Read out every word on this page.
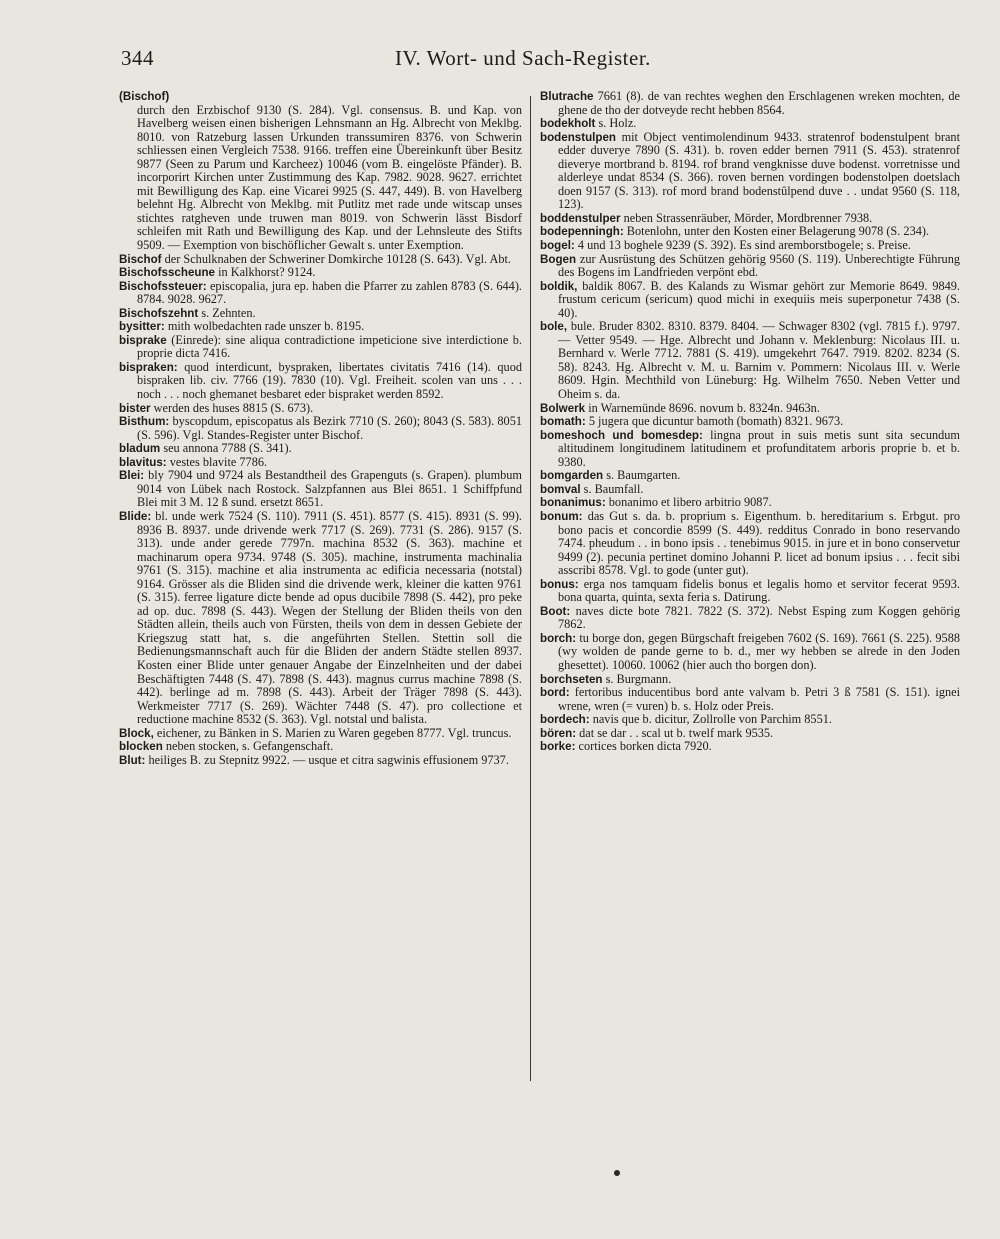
344	IV. Wort- und Sach-Register.

(Bischof)
durch den Erzbischof 9130 (S. 284). Vgl. consensus. B. und Kap. von Havelberg weisen einen bisherigen Lehnsmann an Hg. Albrecht von Meklbg. 8010. von Ratzeburg lassen Urkunden transsumiren 8376. von Schwerin schliessen einen Vergleich 7538. 9166. treffen eine Übereinkunft über Besitz 9877 (Seen zu Parum und Karcheez) 10046 (vom B. eingelöste Pfänder). B. incorporirt Kirchen unter Zustimmung des Kap. 7982. 9028. 9627. errichtet mit Bewilligung des Kap. eine Vicarei 9925 (S. 447, 449). B. von Havelberg belehnt Hg. Albrecht von Meklbg. mit Putlitz met rade unde witscap unses stichtes ratgheven unde truwen man 8019. von Schwerin lässt Bisdorf schleifen mit Rath und Bewilligung des Kap. und der Lehnsleute des Stifts 9509. — Exemption von bischöflicher Gewalt s. unter Exemption.

Bischof der Schulknaben der Schweriner Domkirche 10128 (S. 643). Vgl. Abt.

Bischofsscheune in Kalkhorst? 9124.

Bischofssteuer: episcopalia, jura ep. haben die Pfarrer zu zahlen 8783 (S. 644). 8784. 9028. 9627.

Bischofszehnt s. Zehnten.

bysitter: mith wolbedachten rade unszer b. 8195.

bisprake (Einrede): sine aliqua contradictione impeticione sive interdictione b. proprie dicta 7416.

bispraken: quod interdicunt, byspraken, libertates civitatis 7416 (14). quod bispraken lib. civ. 7766 (19). 7830 (10). Vgl. Freiheit. scolen van uns . . . noch . . . noch ghemanet besbaret eder bispraket werden 8592.

bister werden des huses 8815 (S. 673).

Bisthum: byscopdum, episcopatus als Bezirk 7710 (S. 260); 8043 (S. 583). 8051 (S. 596). Vgl. Standes-Register unter Bischof.

bladum seu annona 7788 (S. 341).

blavitus: vestes blavite 7786.

Blei: bly 7904 und 9724 als Bestandtheil des Grapenguts (s. Grapen). plumbum 9014 von Lübek nach Rostock. Salzpfannen aus Blei 8651. 1 Schiffpfund Blei mit 3 M. 12 ß sund. ersetzt 8651.

Blide: bl. unde werk 7524 (S. 110). 7911 (S. 451). 8577 (S. 415). 8931 (S. 99). 8936 B. 8937. unde drivende werk 7717 (S. 269). 7731 (S. 286). 9157 (S. 313). unde ander gerede 7797n. machina 8532 (S. 363). machine et machinarum opera 9734. 9748 (S. 305). machine, instrumenta machinalia 9761 (S. 315). machine et alia instrumenta ac edificia necessaria (notstal) 9164. Grösser als die Bliden sind die drivende werk, kleiner die katten 9761 (S. 315). ferree ligature dicte bende ad opus ducibile 7898 (S. 442), pro peke ad op. duc. 7898 (S. 443). Wegen der Stellung der Bliden theils von den Städten allein, theils auch von Fürsten, theils von dem in dessen Gebiete der Kriegszug statt hat, s. die angeführten Stellen. Stettin soll die Bedienungsmannschaft auch für die Bliden der andern Städte stellen 8937. Kosten einer Blide unter genauer Angabe der Einzelnheiten und der dabei Beschäftigten 7448 (S. 47). 7898 (S. 443). magnus currus machine 7898 (S. 442). berlinge ad m. 7898 (S. 443). Arbeit der Träger 7898 (S. 443). Werkmeister 7717 (S. 269). Wächter 7448 (S. 47). pro collectione et reductione machine 8532 (S. 363). Vgl. notstal und balista.

Block, eichener, zu Bänken in S. Marien zu Waren gegeben 8777. Vgl. truncus.

blocken neben stocken, s. Gefangenschaft.

Blut: heiliges B. zu Stepnitz 9922. — usque et citra sagwinis effusionem 9737.

Blutrache 7661 (8). de van rechtes weghen den Erschlagenen wreken mochten, de ghene de tho der dotveyde recht hebben 8564.

bodekholt s. Holz.

bodenstulpen mit Object ventimolendinum 9433. stratenrof bodenstulpent brant edder duverye 7890 (S. 431). b. roven edder bernen 7911 (S. 453). stratenrof dieverye mortbrand b. 8194. rof brand vengknisse duve bodenst. vorretnisse und alderleye undat 8534 (S. 366). roven bernen vordingen bodenstolpen doetslach doen 9157 (S. 313). rof mord brand bodenstûlpend duve . . undat 9560 (S. 118, 123).

boddenstulper neben Strassenräuber, Mörder, Mordbrenner 7938.

bodepenningh: Botenlohn, unter den Kosten einer Belagerung 9078 (S. 234).

bogel: 4 und 13 boghele 9239 (S. 392). Es sind aremborstbogele; s. Preise.

Bogen zur Ausrüstung des Schützen gehörig 9560 (S. 119). Unberechtigte Führung des Bogens im Landfrieden verpönt ebd.

boldik, baldik 8067. B. des Kalands zu Wismar gehört zur Memorie 8649. 9849. frustum cericum (sericum) quod michi in exequiis meis superponetur 7438 (S. 40).

bole, bule. Bruder 8302. 8310. 8379. 8404. — Schwager 8302 (vgl. 7815 f.). 9797. — Vetter 9549. — Hge. Albrecht und Johann v. Meklenburg: Nicolaus III. u. Bernhard v. Werle 7712. 7881 (S. 419). umgekehrt 7647. 7919. 8202. 8234 (S. 58). 8243. Hg. Albrecht v. M. u. Barnim v. Pommern: Nicolaus III. v. Werle 8609. Hgin. Mechthild von Lüneburg: Hg. Wilhelm 7650. Neben Vetter und Oheim s. da.

Bolwerk in Warnemünde 8696. novum b. 8324n. 9463n.

bomath: 5 jugera que dicuntur bamoth (bomath) 8321. 9673.

bomeshoch und bomesdep: lingna prout in suis metis sunt sita secundum altitudinem longitudinem latitudinem et profunditatem arboris proprie b. et b. 9380.

bomgarden s. Baumgarten.

bomval s. Baumfall.

bonanimus: bonanimo et libero arbitrio 9087.

bonum: das Gut s. da. b. proprium s. Eigenthum. b. hereditarium s. Erbgut. pro bono pacis et concordie 8599 (S. 449). redditus Conrado in bono reservando 7474. pheudum . . in bono ipsis . . tenebimus 9015. in jure et in bono conservetur 9499 (2). pecunia pertinet domino Johanni P. licet ad bonum ipsius . . . fecit sibi asscribi 8578. Vgl. to gode (unter gut).

bonus: erga nos tamquam fidelis bonus et legalis homo et servitor fecerat 9593. bona quarta, quinta, sexta feria s. Datirung.

Boot: naves dicte bote 7821. 7822 (S. 372). Nebst Esping zum Koggen gehörig 7862.

borch: tu borge don, gegen Bürgschaft freigeben 7602 (S. 169). 7661 (S. 225). 9588 (wy wolden de pande gerne to b. d., mer wy hebben se alrede in den Joden ghesettet). 10060. 10062 (hier auch tho borgen don).

borchseten s. Burgmann.

bord: fertoribus inducentibus bord ante valvam b. Petri 3 ß 7581 (S. 151). ignei wrene, wren (= vuren) b. s. Holz oder Preis.

bordech: navis que b. dicitur, Zollrolle von Parchim 8551.

bören: dat se dar . . scal ut b. twelf mark 9535.

borke: cortices borken dicta 7920.
